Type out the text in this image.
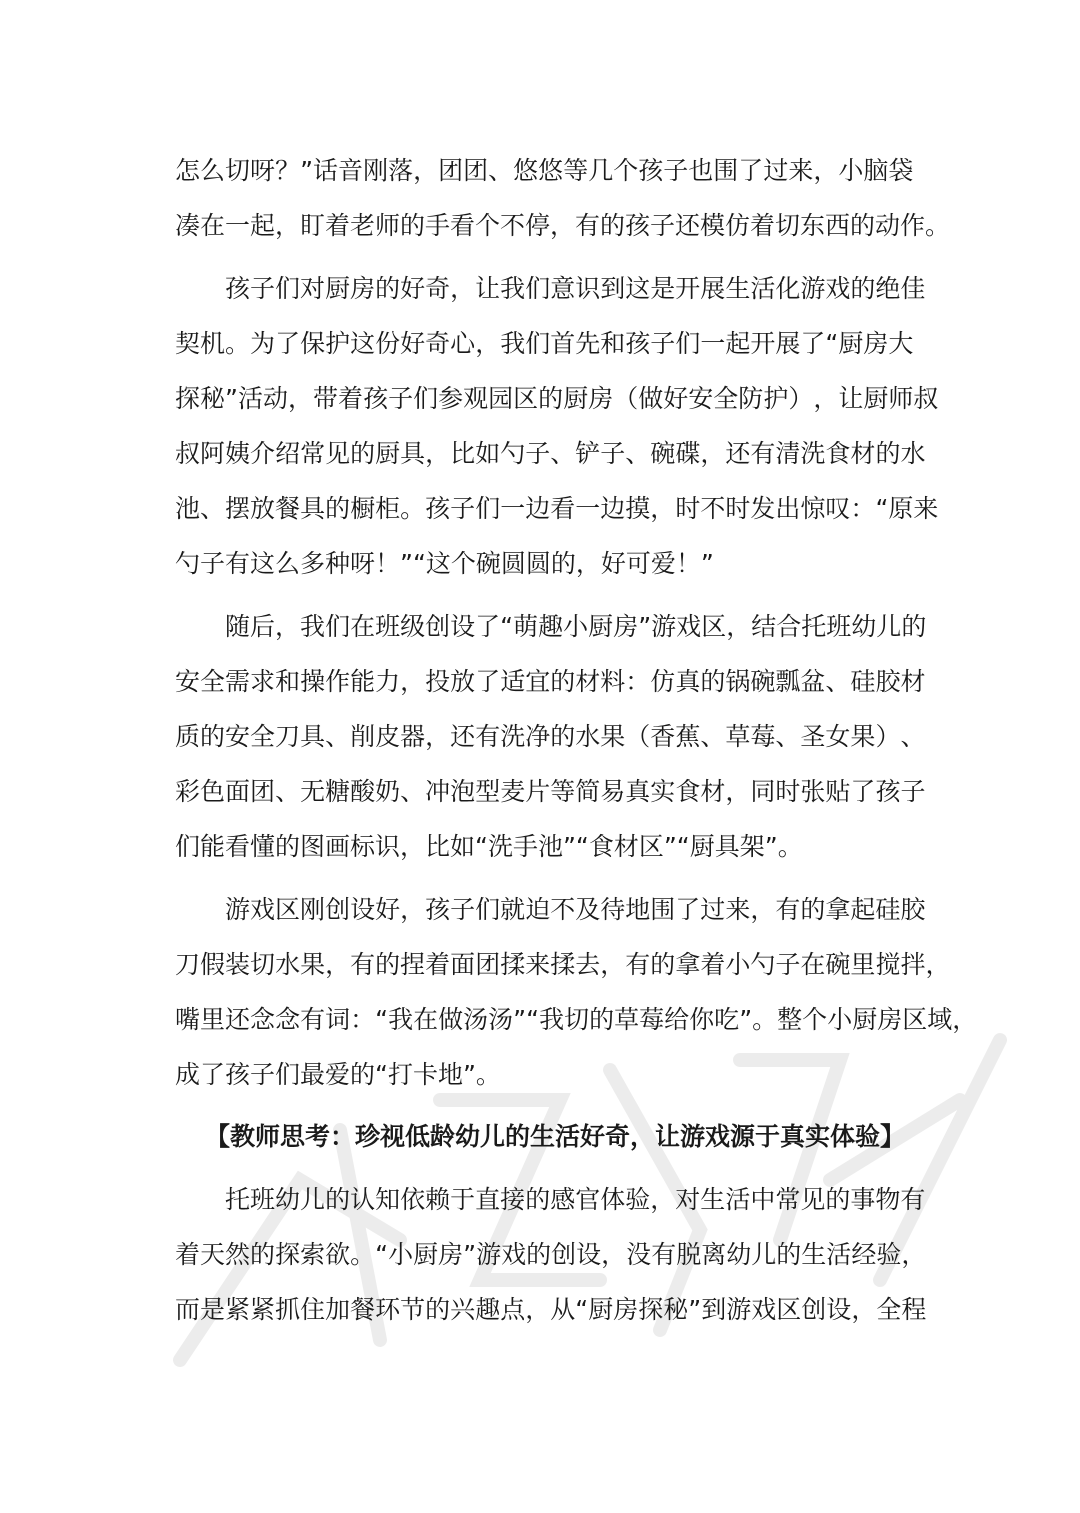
怎 么 切 呀 ？ ” 话 音 刚 落 ， 团 团 、 悠 悠 等 几 个 孩 子 也 围 了 过 来 ， 小 脑 袋
凑在一起，盯着老师的手看个不停，有的孩子还模仿着切东西的动作。
孩 子 们 对 厨 房 的 好 奇 ， 让 我 们 意 识 到 这 是 开 展 生 活 化 游 戏 的 绝 佳
契 机 。 为 了 保 护 这 份 好 奇 心 ， 我 们 首 先 和 孩 子 们 一 起 开 展 了 “ 厨 房 大
探 秘 ” 活 动 ， 带 着 孩 子 们 参 观 园 区 的 厨 房 （ 做 好 安 全 防 护 ） ， 让 厨 师 叔
叔 阿 姨 介 绍 常 见 的 厨 具 ， 比 如 勺 子 、 铲 子 、 碗 碟 ， 还 有 清 洗 食 材 的 水
池 、 摆 放 餐 具 的 橱 柜 。 孩 子 们 一 边 看 一 边 摸 ， 时 不 时 发 出 惊 叹 ： “ 原 来
勺子有这么多种呀！”“这个碗圆圆的，好可爱！”
随 后 ， 我 们 在 班 级 创 设 了 “ 萌 趣 小 厨 房 ” 游 戏 区 ， 结 合 托 班 幼 儿 的
安 全 需 求 和 操 作 能 力 ， 投 放 了 适 宜 的 材 料 ： 仿 真 的 锅 碗 瓢 盆 、 硅 胶 材
质 的 安 全 刀 具 、 削 皮 器 ， 还 有 洗 净 的 水 果 （ 香 蕉 、 草 莓 、 圣 女 果 ） 、
彩 色 面 团 、 无 糖 酸 奶 、 冲 泡 型 麦 片 等 简 易 真 实 食 材 ， 同 时 张 贴 了 孩 子
们能看懂的图画标识，比如“洗手池”“食材区”“厨具架”。
游 戏 区 刚 创 设 好 ， 孩 子 们 就 迫 不 及 待 地 围 了 过 来 ， 有 的 拿 起 硅 胶
刀 假 装 切 水 果 ， 有 的 捏 着 面 团 揉 来 揉 去 ， 有 的 拿 着 小 勺 子 在 碗 里 搅 拌 ，
嘴 里 还 念 念 有 词 ： “ 我 在 做 汤 汤 ” “ 我 切 的 草 莓 给 你 吃 ” 。 整 个 小 厨 房 区 域 ，
成了孩子们最爱的“打卡地”。
【教师思考：珍视低龄幼儿的生活好奇，让游戏源于真实体验】
托 班 幼 儿 的 认 知 依 赖 于 直 接 的 感 官 体 验 ， 对 生 活 中 常 见 的 事 物 有
着 天 然 的 探 索 欲 。 “ 小 厨 房 ” 游 戏 的 创 设 ， 没 有 脱 离 幼 儿 的 生 活 经 验 ，
而 是 紧 紧 抓 住 加 餐 环 节 的 兴 趣 点 ， 从 “ 厨 房 探 秘 ” 到 游 戏 区 创 设 ， 全 程
